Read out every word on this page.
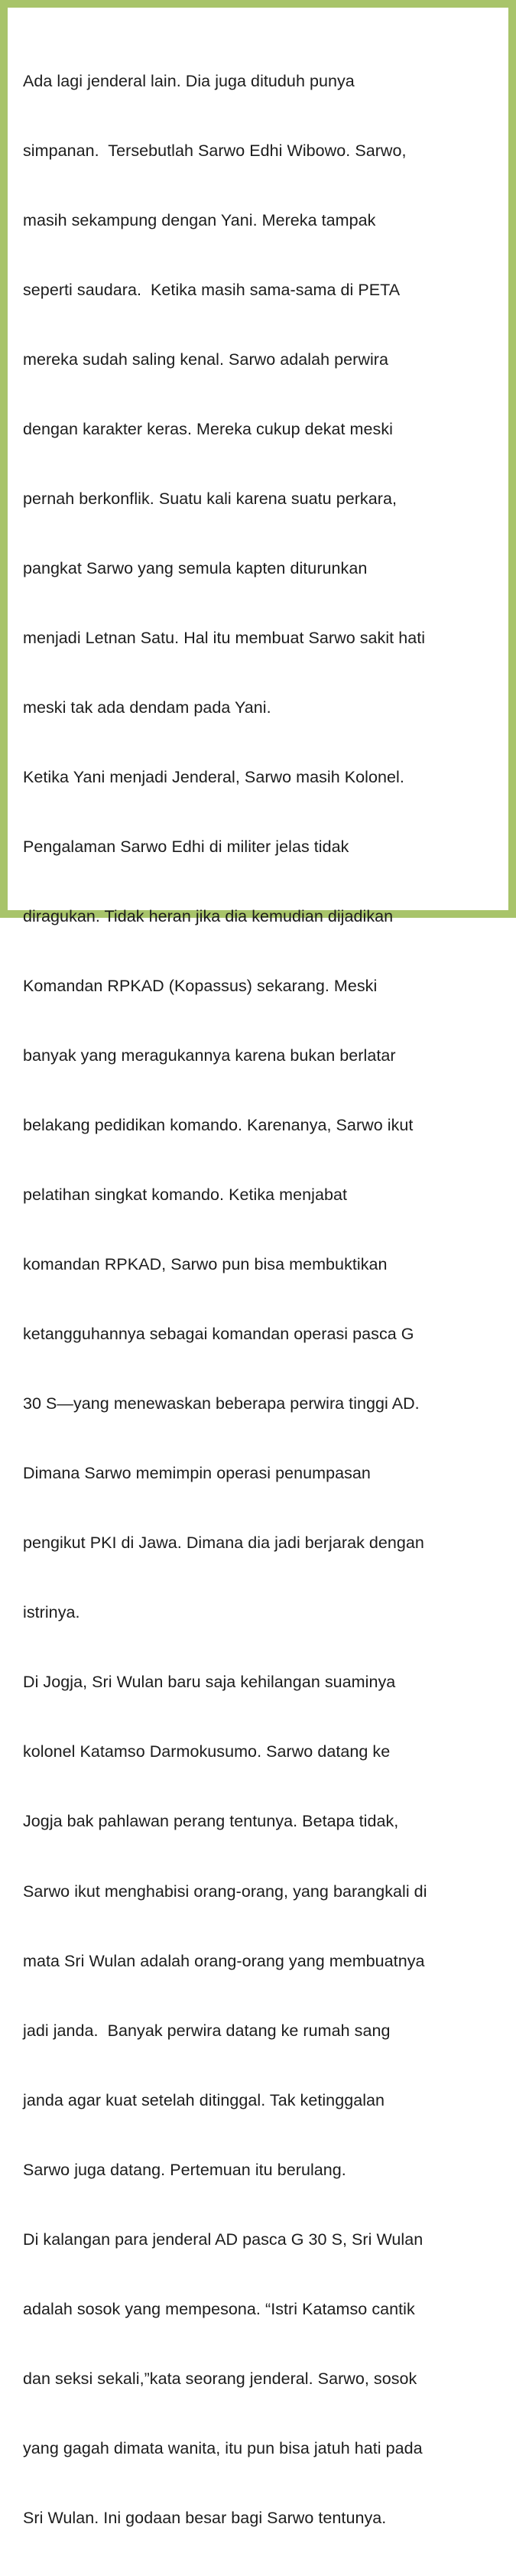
Ada lagi jenderal lain. Dia juga dituduh punya

simpanan.  Tersebutlah Sarwo Edhi Wibowo. Sarwo,

masih sekampung dengan Yani. Mereka tampak

seperti saudara.  Ketika masih sama-sama di PETA

mereka sudah saling kenal. Sarwo adalah perwira

dengan karakter keras. Mereka cukup dekat meski

pernah berkonflik. Suatu kali karena suatu perkara,

pangkat Sarwo yang semula kapten diturunkan

menjadi Letnan Satu. Hal itu membuat Sarwo sakit hati

meski tak ada dendam pada Yani.

Ketika Yani menjadi Jenderal, Sarwo masih Kolonel.

Pengalaman Sarwo Edhi di militer jelas tidak

diragukan. Tidak heran jika dia kemudian dijadikan

Komandan RPKAD (Kopassus) sekarang. Meski

banyak yang meragukannya karena bukan berlatar

belakang pedidikan komando. Karenanya, Sarwo ikut

pelatihan singkat komando. Ketika menjabat

komandan RPKAD, Sarwo pun bisa membuktikan

ketangguhannya sebagai komandan operasi pasca G

30 S—yang menewaskan beberapa perwira tinggi AD.

Dimana Sarwo memimpin operasi penumpasan

pengikut PKI di Jawa. Dimana dia jadi berjarak dengan

istrinya.

Di Jogja, Sri Wulan baru saja kehilangan suaminya

kolonel Katamso Darmokusumo. Sarwo datang ke

Jogja bak pahlawan perang tentunya. Betapa tidak,

Sarwo ikut menghabisi orang-orang, yang barangkali di

mata Sri Wulan adalah orang-orang yang membuatnya

jadi janda.  Banyak perwira datang ke rumah sang

janda agar kuat setelah ditinggal. Tak ketinggalan

Sarwo juga datang. Pertemuan itu berulang.

Di kalangan para jenderal AD pasca G 30 S, Sri Wulan

adalah sosok yang mempesona. “Istri Katamso cantik

dan seksi sekali,”kata seorang jenderal. Sarwo, sosok

yang gagah dimata wanita, itu pun bisa jatuh hati pada

Sri Wulan. Ini godaan besar bagi Sarwo tentunya.
